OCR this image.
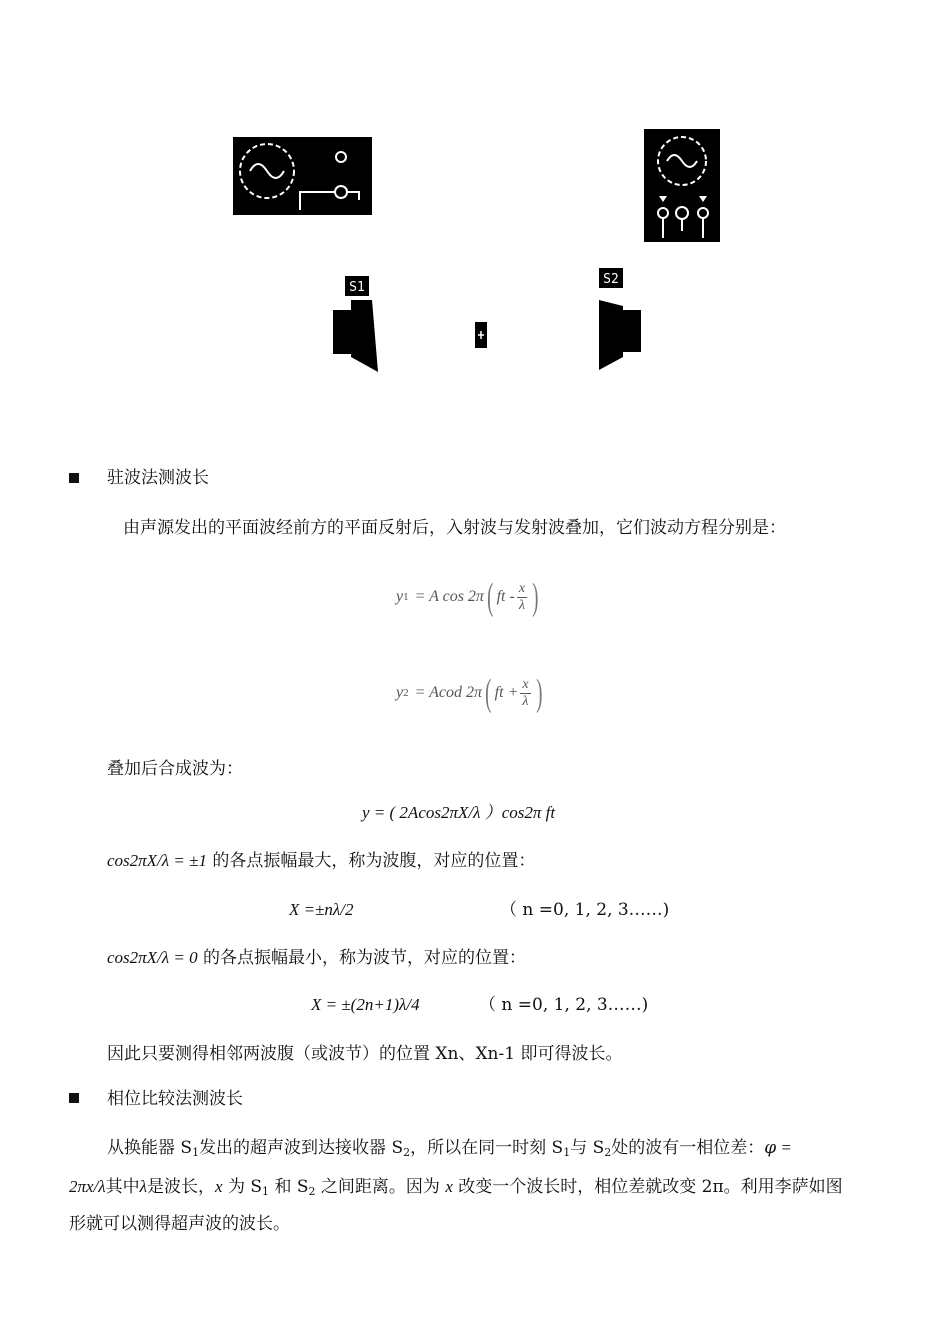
S1
S2
驻波法测波长
由声源发出的平面波经前方的平面反射后，入射波与发射波叠加，它们波动方程分别是：
y 1 = A cos 2π ( ft - $\frac{x}{\lambda}$ )
y 2 = Acod 2π ( ft + $\frac{x}{\lambda}$ )
叠加后合成波为：
y = ( 2Acos2πX/λ ）cos2π ft
cos2πX/λ = ±1 的各点振幅最大，称为波腹，对应的位置：
X =±nλ/2	（ n =0, 1, 2, 3……)
cos2πX/λ = 0 的各点振幅最小，称为波节，对应的位置：
X = ±(2n+1)λ/4	（ n =0, 1, 2, 3……)
因此只要测得相邻两波腹（或波节）的位置 Xn、Xn-1 即可得波长。
相位比较法测波长
从换能器 $S_1$发出的超声波到达接收器 $S_2$，所以在同一时刻 $S_1$与 $S_2$处的波有一相位差：𝜑 =
2πx/λ其中λ是波长，x 为 $S_1$ 和 $S_2$ 之间距离。因为 x 改变一个波长时，相位差就改变 2π。利用李萨如图
形就可以测得超声波的波长。
